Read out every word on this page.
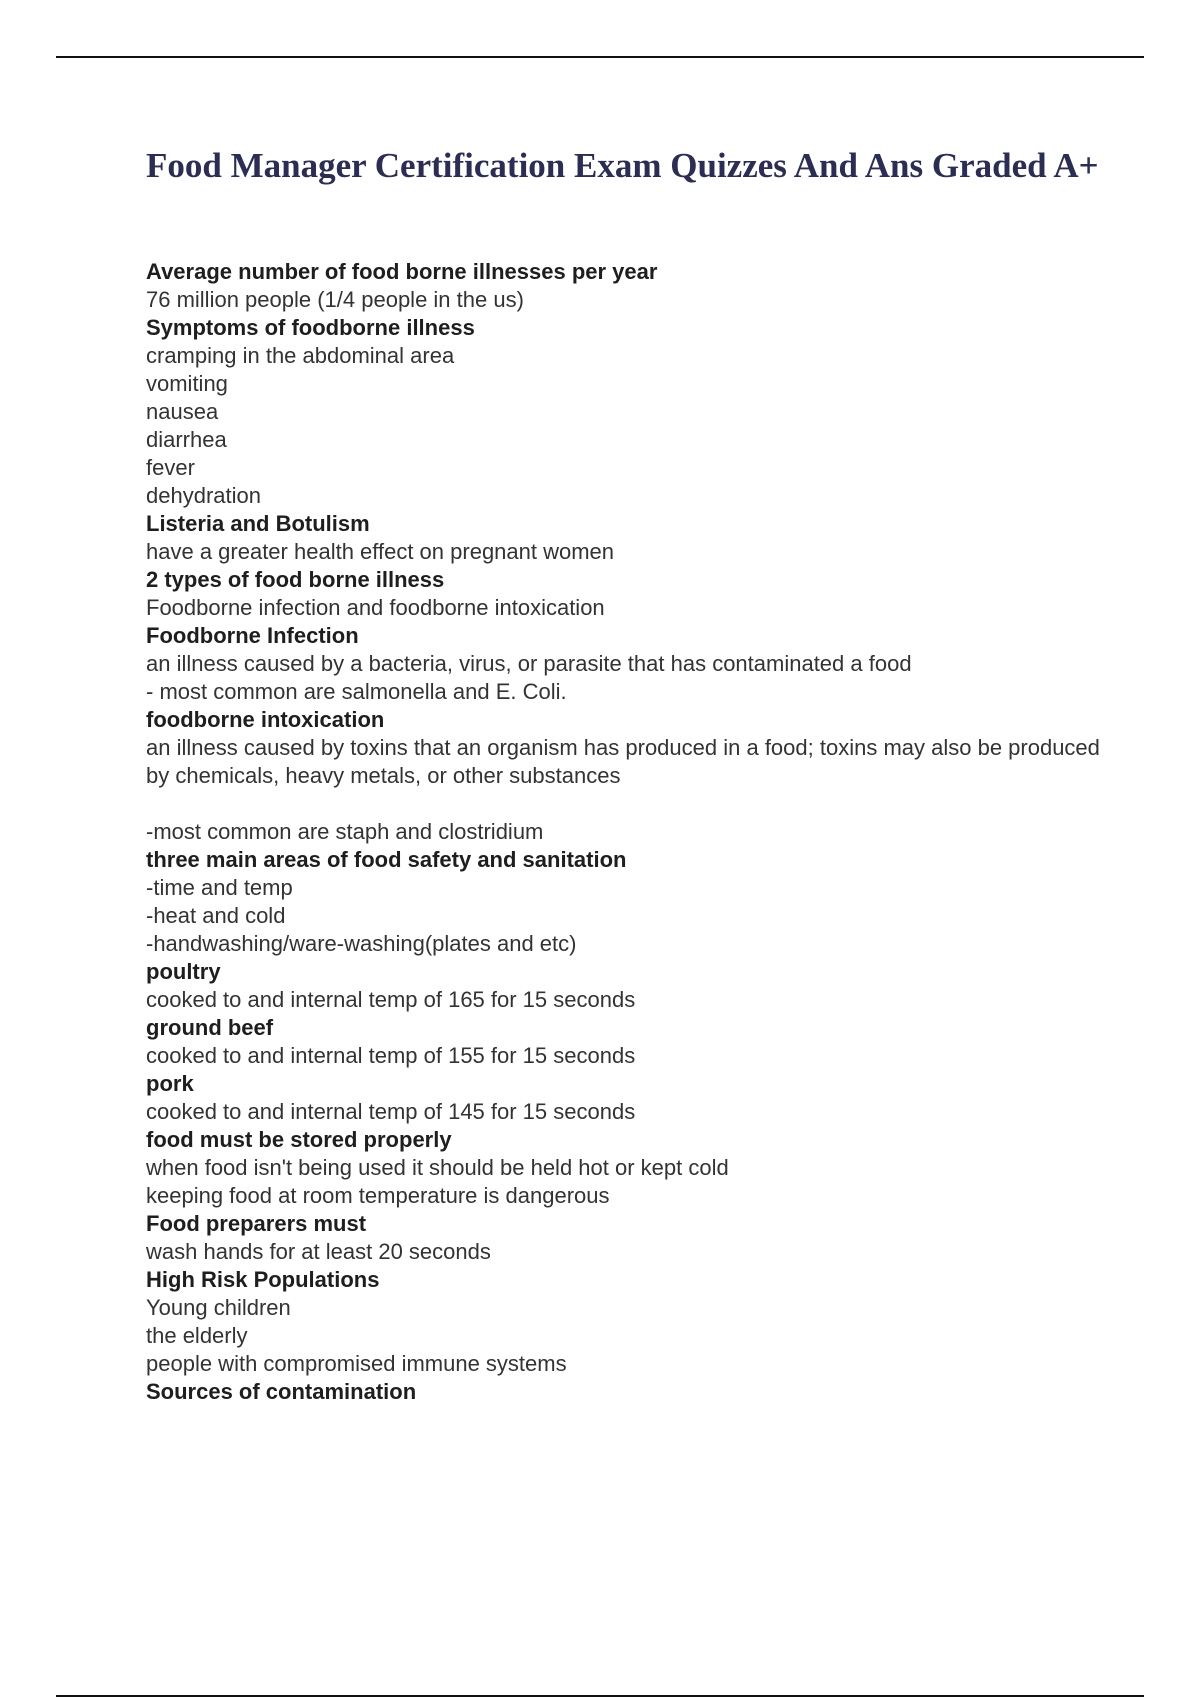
Food Manager Certification Exam Quizzes And Ans Graded A+
Average number of food borne illnesses per year
76 million people (1/4 people in the us)
Symptoms of foodborne illness
cramping in the abdominal area
vomiting
nausea
diarrhea
fever
dehydration
Listeria and Botulism
have a greater health effect on pregnant women
2 types of food borne illness
Foodborne infection and foodborne intoxication
Foodborne Infection
an illness caused by a bacteria, virus, or parasite that has contaminated a food
- most common are salmonella and E. Coli.
foodborne intoxication
an illness caused by toxins that an organism has produced in a food; toxins may also be produced by chemicals, heavy metals, or other substances

-most common are staph and clostridium
three main areas of food safety and sanitation
-time and temp
-heat and cold
-handwashing/ware-washing(plates and etc)
poultry
cooked to and internal temp of 165 for 15 seconds
ground beef
cooked to and internal temp of 155 for 15 seconds
pork
cooked to and internal temp of 145 for 15 seconds
food must be stored properly
when food isn't being used it should be held hot or kept cold
keeping food at room temperature is dangerous
Food preparers must
wash hands for at least 20 seconds
High Risk Populations
Young children
the elderly
people with compromised immune systems
Sources of contamination
